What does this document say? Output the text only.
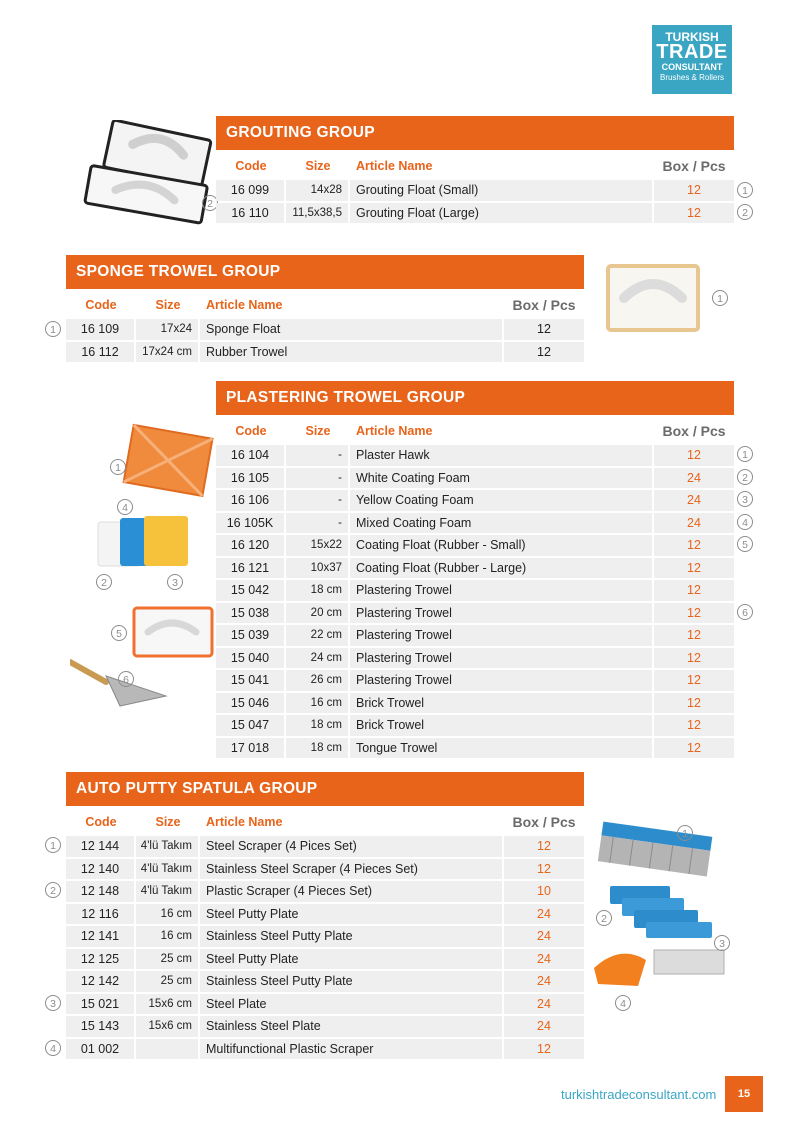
TURKISH
TRADE
CONSULTANT
Brushes & Rollers
2
GROUTING GROUP
Code	Size	Article Name	Box / Pcs
16 099	14x28	Grouting Float (Small)	12
16 110	11,5x38,5	Grouting Float (Large)	12
1
2
SPONGE TROWEL GROUP
Code	Size	Article Name	Box / Pcs
16 109	17x24	Sponge Float	12
16 112	17x24 cm	Rubber Trowel	12
1
1
PLASTERING TROWEL GROUP
Code	Size	Article Name	Box / Pcs
16 104	-	Plaster Hawk	12
16 105	-	White Coating Foam	24
16 106	-	Yellow Coating Foam	24
16 105K	-	Mixed Coating Foam	24
16 120	15x22	Coating Float (Rubber - Small)	12
16 121	10x37	Coating Float (Rubber - Large)	12
15 042	18 cm	Plastering Trowel	12
15 038	20 cm	Plastering Trowel	12
15 039	22 cm	Plastering Trowel	12
15 040	24 cm	Plastering Trowel	12
15 041	26 cm	Plastering Trowel	12
15 046	16 cm	Brick Trowel	12
15 047	18 cm	Brick Trowel	12
17 018	18 cm	Tongue Trowel	12
1
2
3
4
5
6
1
4
2	3
5
6
AUTO PUTTY SPATULA GROUP
Code	Size	Article Name	Box / Pcs
12 144	4'lü Takım	Steel Scraper (4 Pices Set)	12
12 140	4'lü Takım	Stainless Steel Scraper (4 Pieces Set)	12
12 148	4'lü Takım	Plastic Scraper (4 Pieces Set)	10
12 116	16 cm	Steel Putty Plate	24
12 141	16 cm	Stainless Steel Putty Plate	24
12 125	25 cm	Steel Putty Plate	24
12 142	25 cm	Stainless Steel Putty Plate	24
15 021	15x6 cm	Steel Plate	24
15 143	15x6 cm	Stainless Steel Plate	24
01 002		Multifunctional Plastic Scraper	12
1
2
3
4
1
2
3
4
turkishtradeconsultant.com	15
